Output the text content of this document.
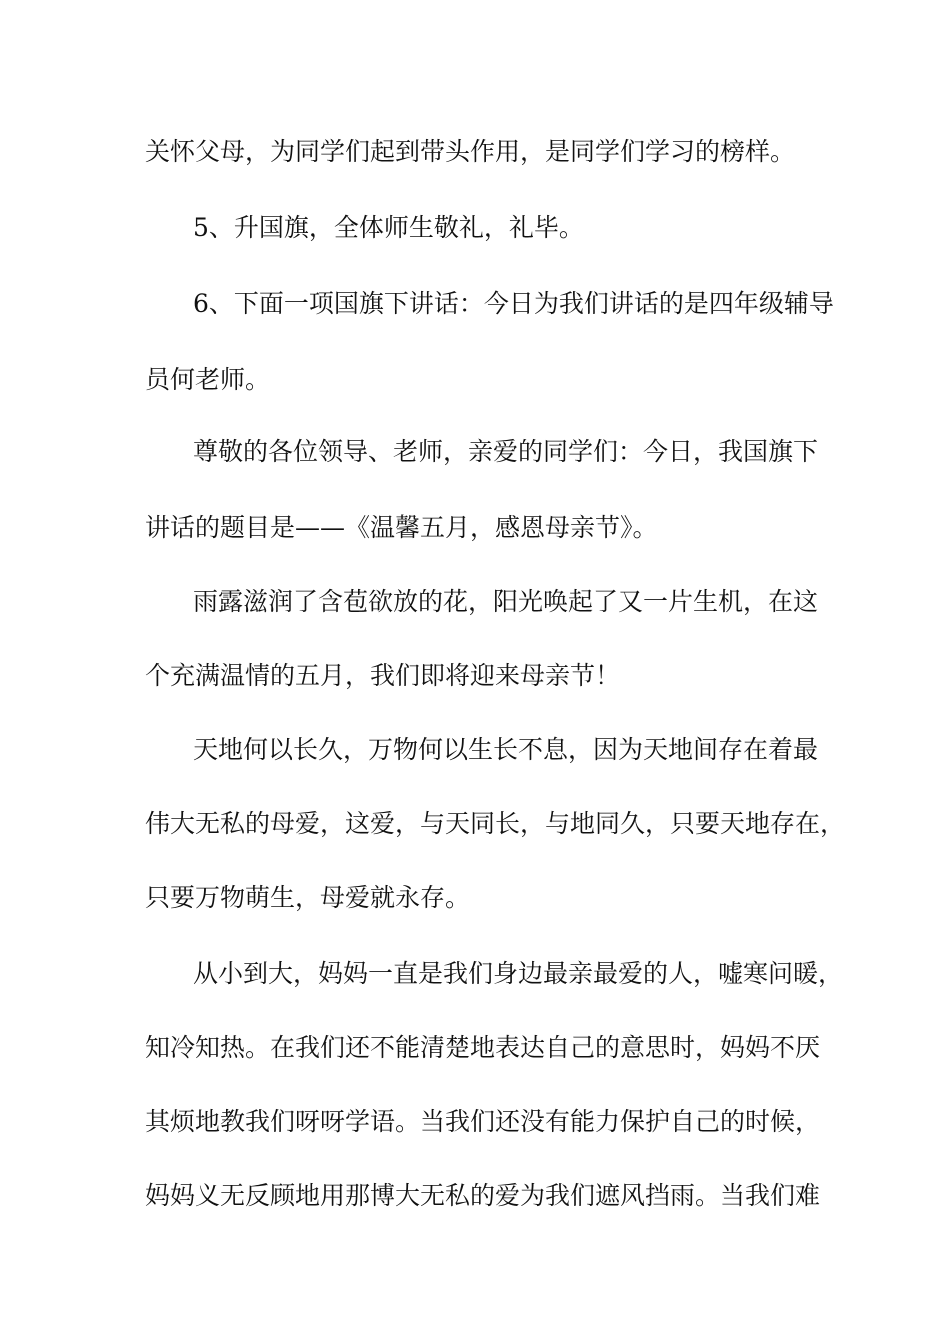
关怀父母，为同学们起到带头作用，是同学们学习的榜样。

5、升国旗，全体师生敬礼，礼毕。

6、下面一项国旗下讲话：今日为我们讲话的是四年级辅导

员何老师。

尊敬的各位领导、老师，亲爱的同学们：今日，我国旗下

讲话的题目是——《温馨五月，感恩母亲节》。

雨露滋润了含苞欲放的花，阳光唤起了又一片生机，在这

个充满温情的五月，我们即将迎来母亲节！

天地何以长久，万物何以生长不息，因为天地间存在着最

伟大无私的母爱，这爱，与天同长，与地同久，只要天地存在，

只要万物萌生，母爱就永存。

从小到大，妈妈一直是我们身边最亲最爱的人，嘘寒问暖，

知冷知热。在我们还不能清楚地表达自己的意思时，妈妈不厌

其烦地教我们呀呀学语。当我们还没有能力保护自己的时候，

妈妈义无反顾地用那博大无私的爱为我们遮风挡雨。当我们难
